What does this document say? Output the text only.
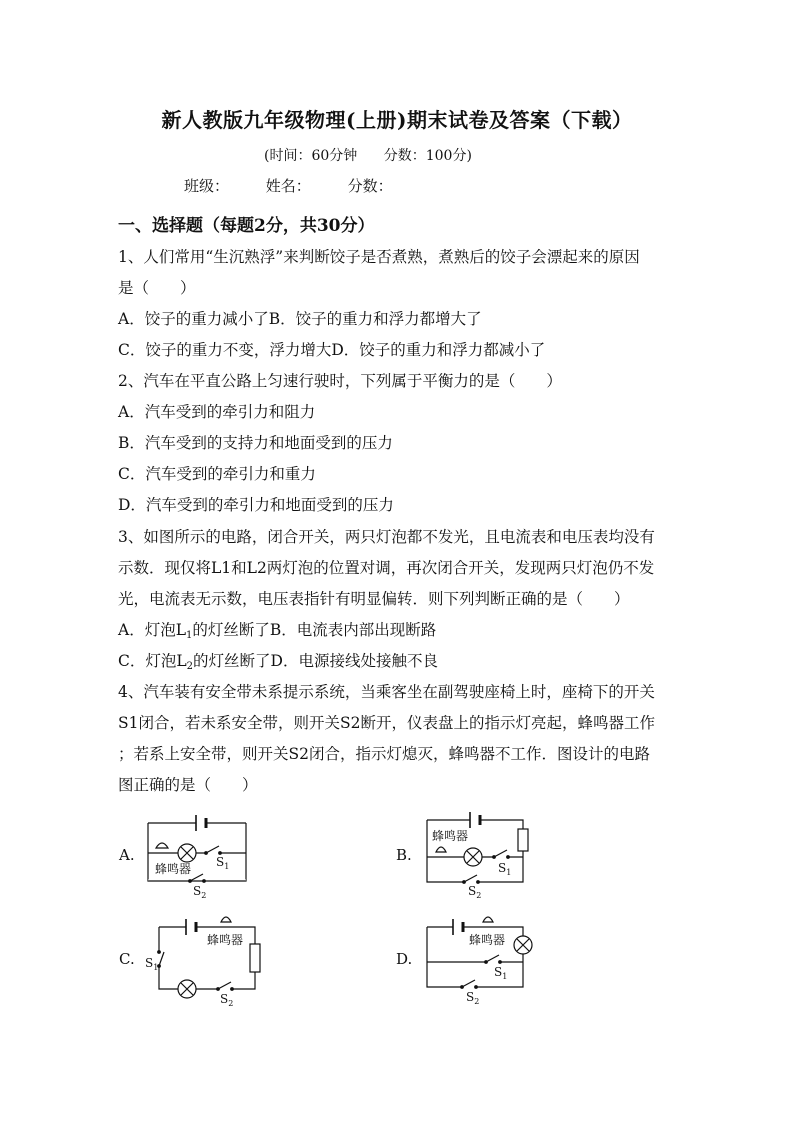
新人教版九年级物理(上册)期末试卷及答案（下载）
(时间：60分钟 分数：100分)
班级： 姓名： 分数：
一、选择题（每题2分，共30分）
1、人们常用“生沉熟浮”来判断饺子是否煮熟，煮熟后的饺子会漂起来的原因
是（　　）
A．饺子的重力减小了B．饺子的重力和浮力都增大了
C．饺子的重力不变，浮力增大D．饺子的重力和浮力都减小了
2、汽车在平直公路上匀速行驶时，下列属于平衡力的是（　　）
A．汽车受到的牵引力和阻力
B．汽车受到的支持力和地面受到的压力
C．汽车受到的牵引力和重力
D．汽车受到的牵引力和地面受到的压力
3、如图所示的电路，闭合开关，两只灯泡都不发光，且电流表和电压表均没有
示数．现仅将L1和L2两灯泡的位置对调，再次闭合开关，发现两只灯泡仍不发
光，电流表无示数，电压表指针有明显偏转．则下列判断正确的是（　　）
A．灯泡$L_1$的灯丝断了B．电流表内部出现断路
C．灯泡$L_2$的灯丝断了D．电源接线处接触不良
4、汽车装有安全带未系提示系统，当乘客坐在副驾驶座椅上时，座椅下的开关
S1闭合，若未系安全带，则开关S2断开，仪表盘上的指示灯亮起，蜂鸣器工作
；若系上安全带，则开关S2闭合，指示灯熄灭，蜂鸣器不工作．图设计的电路
图正确的是（　　）
A.	B.
C.	D.
蜂鸣器 $S_1$
$S_2$
蜂鸣器
$S_1$
$S_2$
蜂鸣器
$S_1$
$S_2$
蜂鸣器
$S_1$
$S_2$
